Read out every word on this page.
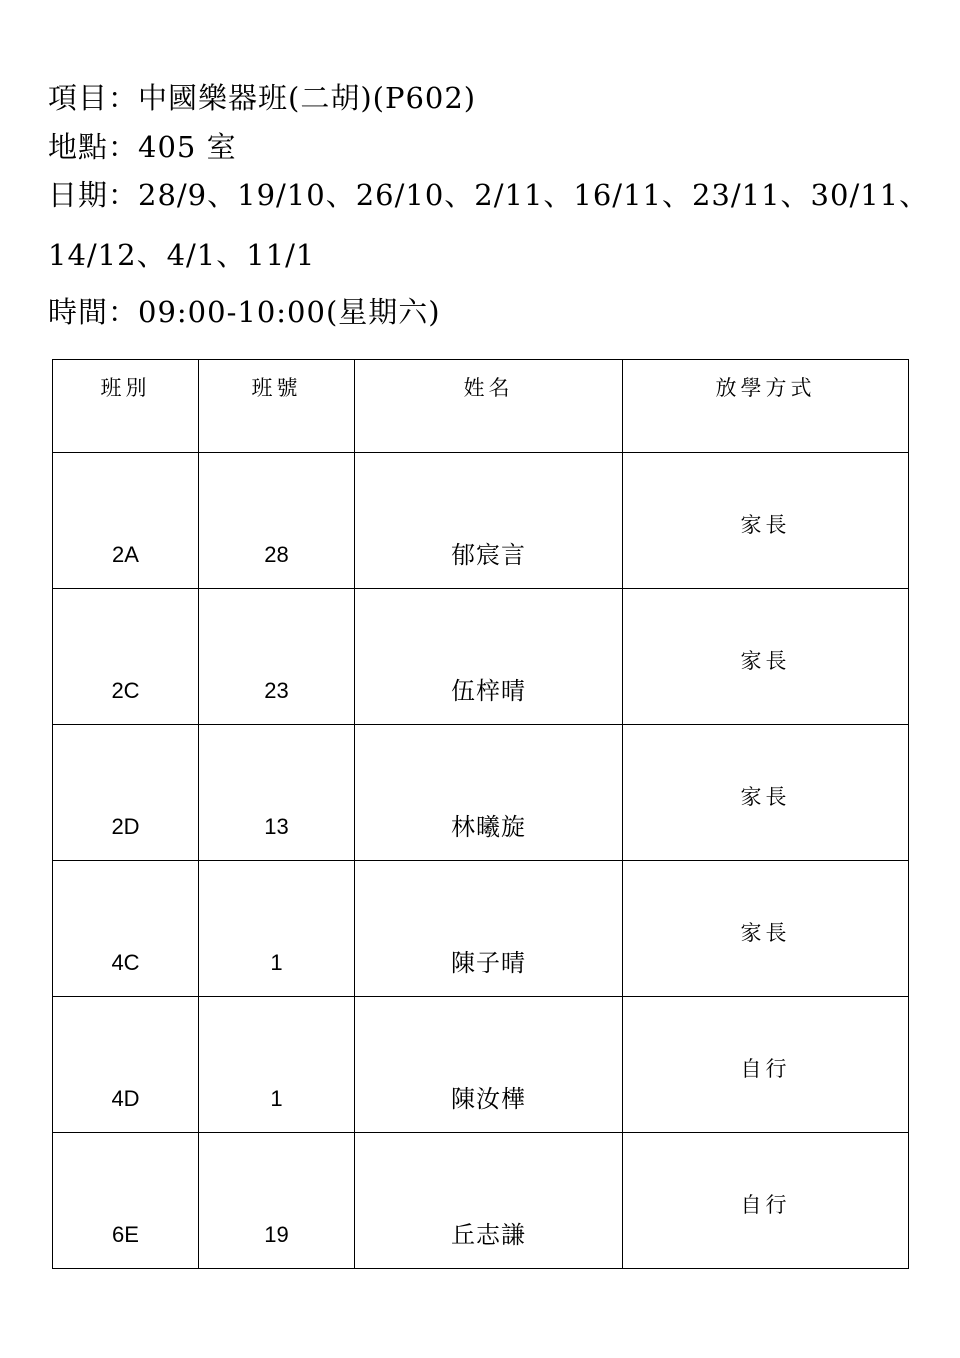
項目：中國樂器班(二胡)(P602)
地點：405 室
日期：28/9、19/10、26/10、2/11、16/11、23/11、30/11、
14/12、4/1、11/1
時間：09:00-10:00(星期六)
班別	班號	姓名	放學方式

2A	28	郁宸言	家長

2C	23	伍梓晴	家長

2D	13	林曦旋	家長

4C	1	陳子晴	家長

4D	1	陳汝樺	自行

6E	19	丘志謙	自行
